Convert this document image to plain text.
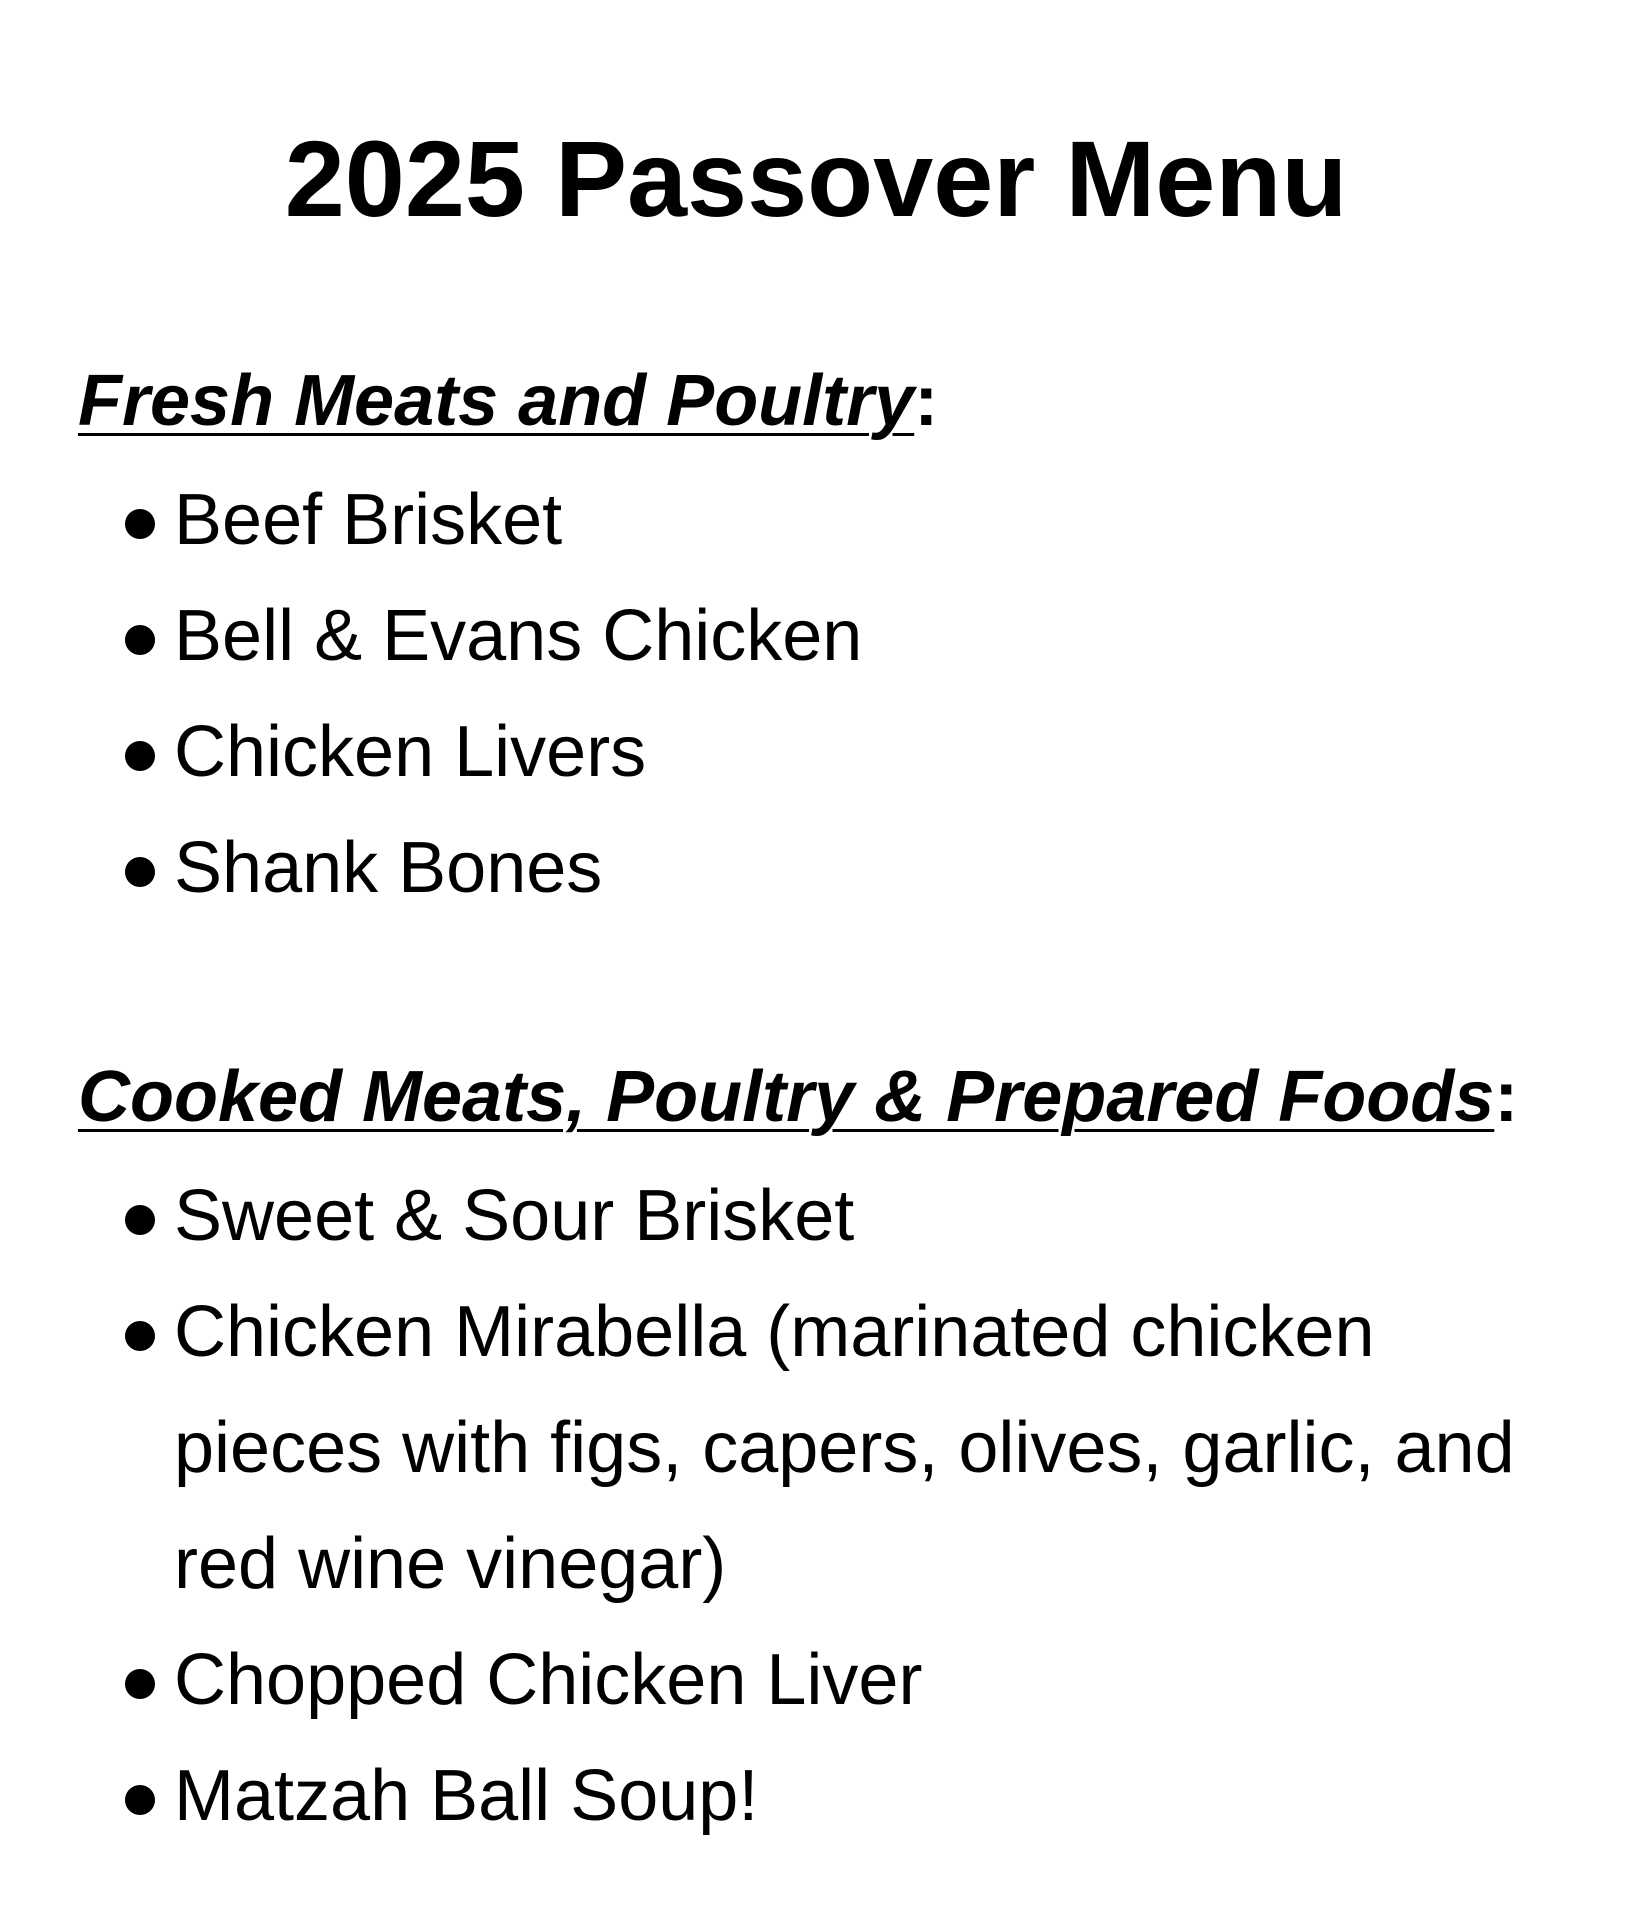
2025 Passover Menu
Fresh Meats and Poultry:
Beef Brisket
Bell & Evans Chicken
Chicken Livers
Shank Bones
Cooked Meats, Poultry & Prepared Foods:
Sweet & Sour Brisket
Chicken Mirabella (marinated chicken pieces with figs, capers, olives, garlic, and red wine vinegar)
Chopped Chicken Liver
Matzah Ball Soup!
